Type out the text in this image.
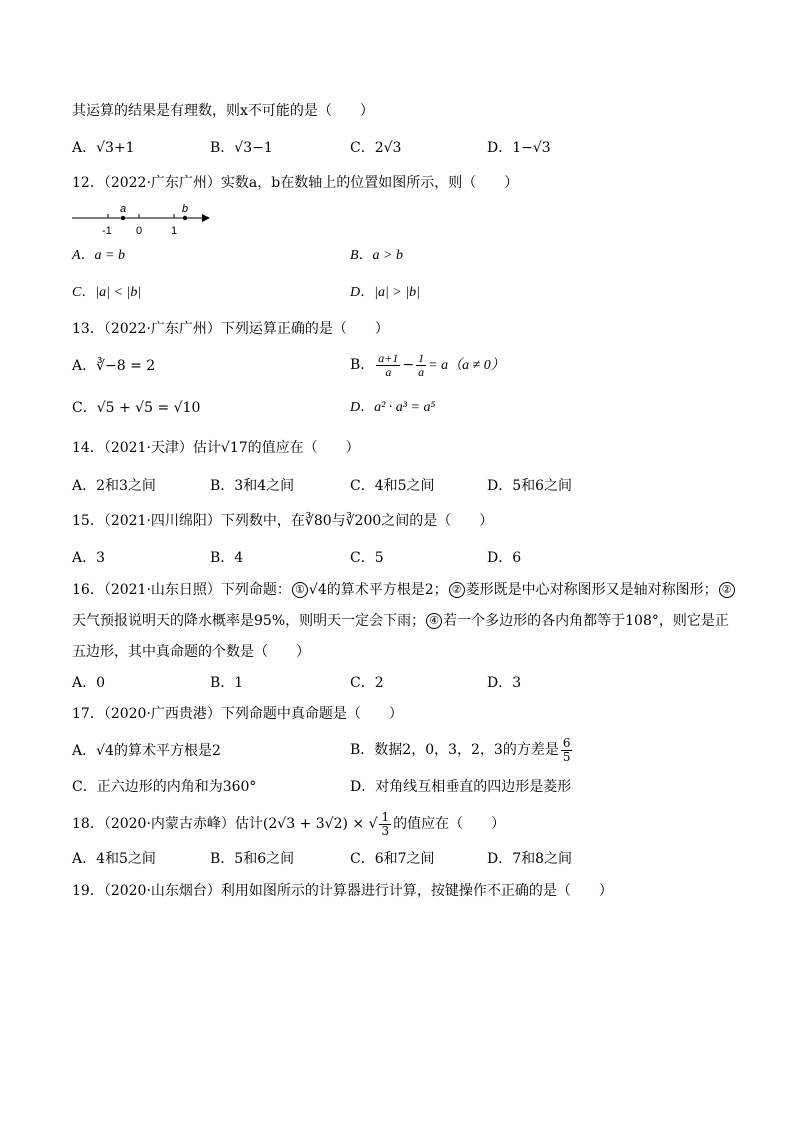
其运算的结果是有理数，则x不可能的是（　　）
A．√3+1	B．√3−1	C．2√3	D．1−√3
12．（2022·广东广州）实数a，b在数轴上的位置如图所示，则（　　）
a	b
-1 0	1
A．a = b	B．a > b
C．|a| < |b|	D．|a| > |b|
13．（2022·广东广州）下列运算正确的是（　　）
A．∛−8 = 2	B． $\frac{a+1}{a} - \frac{1}{a} = a(a \ne 0)$
C．√5 + √5 = √10	D．a² · a³ = a⁵
14．（2021·天津）估计√17的值应在（　　）
A．2和3之间	B．3和4之间	C．4和5之间	D．5和6之间
15．（2021·四川绵阳）下列数中，在∛80与∛200之间的是（　　）
A．3	B．4	C．5	D．6
16．（2021·山东日照）下列命题： ① √4的算术平方根是2； ② 菱形既是中心对称图形又是轴对称图形； ②
天气预报说明天的降水概率是95%，则明天一定会下雨； ④ 若一个多边形的各内角都等于108°，则它是正
五边形，其中真命题的个数是（　　）
A．0	B．1	C．2	D．3
17．（2020·广西贵港）下列命题中真命题是（　　）
A．√4的算术平方根是2	B．数据2，0，3，2，3的方差是 $\frac{6}{5}$
C．正六边形的内角和为360°	D．对角线互相垂直的四边形是菱形
18．（2020·内蒙古赤峰）估计(2√3 + 3√2) × √ $\frac{1}{3}$ 的值应在（　　）
A．4和5之间	B．5和6之间	C．6和7之间	D．7和8之间
19．（2020·山东烟台）利用如图所示的计算器进行计算，按键操作不正确的是（　　）
